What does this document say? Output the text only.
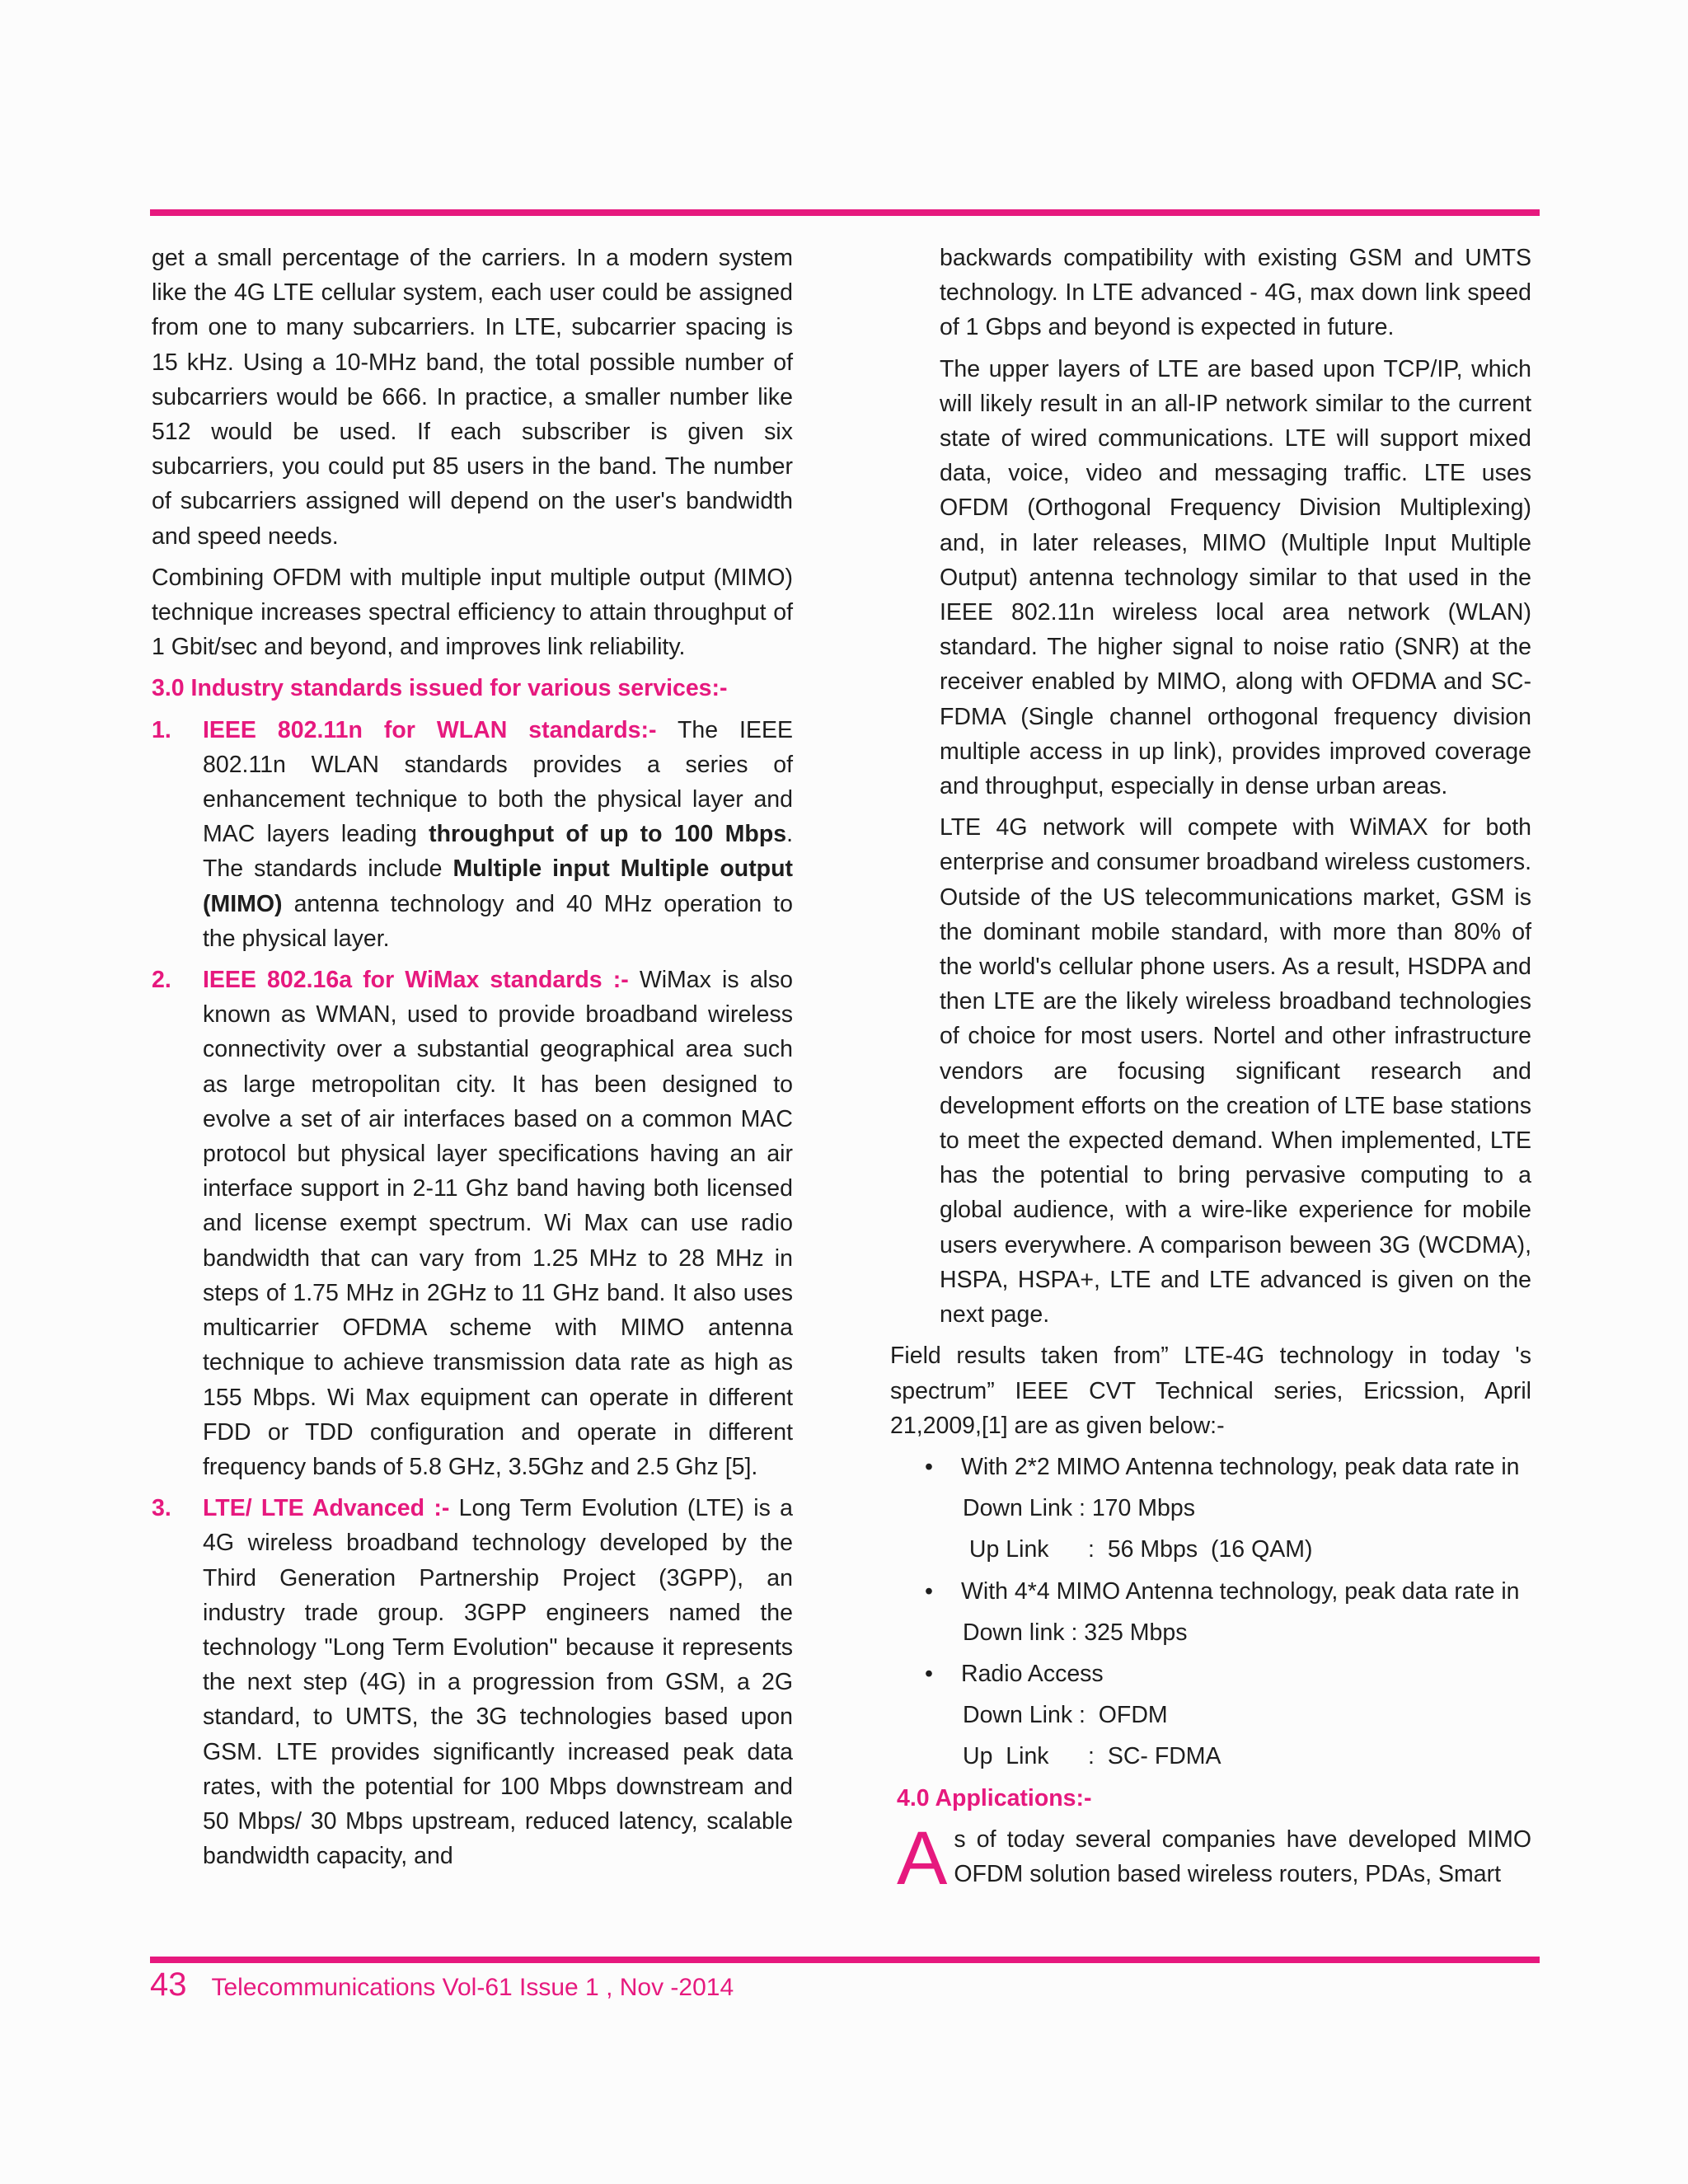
get a small percentage of the carriers. In a modern system like the 4G LTE cellular system, each user could be assigned from one to many subcarriers. In LTE, subcarrier spacing is 15 kHz. Using a 10-MHz band, the total possible number of subcarriers would be 666. In practice, a smaller number like 512 would be used. If each subscriber is given six subcarriers, you could put 85 users in the band. The number of subcarriers assigned will depend on the user's bandwidth and speed needs.

Combining OFDM with multiple input multiple output (MIMO) technique increases spectral efficiency to attain throughput of 1 Gbit/sec and beyond, and improves link reliability.

3.0 Industry standards issued for various services:-
1. IEEE 802.11n for WLAN standards:- The IEEE 802.11n WLAN standards provides a series of enhancement technique to both the physical layer and MAC layers leading throughput of up to 100 Mbps. The standards include Multiple input Multiple output (MIMO) antenna technology and 40 MHz operation to the physical layer.
2. IEEE 802.16a for WiMax standards :- WiMax is also known as WMAN, used to provide broadband wireless connectivity over a substantial geographical area such as large metropolitan city. It has been designed to evolve a set of air interfaces based on a common MAC protocol but physical layer specifications having an air interface support in 2-11 Ghz band having both licensed and license exempt spectrum. Wi Max can use radio bandwidth that can vary from 1.25 MHz to 28 MHz in steps of 1.75 MHz in 2GHz to 11 GHz band. It also uses multicarrier OFDMA scheme with MIMO antenna technique to achieve transmission data rate as high as 155 Mbps. Wi Max equipment can operate in different FDD or TDD configuration and operate in different frequency bands of 5.8 GHz, 3.5Ghz and 2.5 Ghz [5].
3. LTE/ LTE Advanced :- Long Term Evolution (LTE) is a 4G wireless broadband technology developed by the Third Generation Partnership Project (3GPP), an industry trade group. 3GPP engineers named the technology "Long Term Evolution" because it represents the next step (4G) in a progression from GSM, a 2G standard, to UMTS, the 3G technologies based upon GSM. LTE provides significantly increased peak data rates, with the potential for 100 Mbps downstream and 50 Mbps/ 30 Mbps upstream, reduced latency, scalable bandwidth capacity, and

backwards compatibility with existing GSM and UMTS technology. In LTE advanced - 4G, max down link speed of 1 Gbps and beyond is expected in future.

The upper layers of LTE are based upon TCP/IP, which will likely result in an all-IP network similar to the current state of wired communications. LTE will support mixed data, voice, video and messaging traffic. LTE uses OFDM (Orthogonal Frequency Division Multiplexing) and, in later releases, MIMO (Multiple Input Multiple Output) antenna technology similar to that used in the IEEE 802.11n wireless local area network (WLAN) standard. The higher signal to noise ratio (SNR) at the receiver enabled by MIMO, along with OFDMA and SC-FDMA (Single channel orthogonal frequency division multiple access in up link), provides improved coverage and throughput, especially in dense urban areas.

LTE 4G network will compete with WiMAX for both enterprise and consumer broadband wireless customers. Outside of the US telecommunications market, GSM is the dominant mobile standard, with more than 80% of the world's cellular phone users. As a result, HSDPA and then LTE are the likely wireless broadband technologies of choice for most users. Nortel and other infrastructure vendors are focusing significant research and development efforts on the creation of LTE base stations to meet the expected demand. When implemented, LTE has the potential to bring pervasive computing to a global audience, with a wire-like experience for mobile users everywhere. A comparison beween 3G (WCDMA), HSPA, HSPA+, LTE and LTE advanced is given on the next page.

Field results taken from” LTE-4G technology in today 's spectrum” IEEE CVT Technical series, Ericssion, April 21,2009,[1] are as given below:-

• With 2*2 MIMO Antenna technology, peak data rate in
Down Link : 170 Mbps
Up Link      :  56 Mbps  (16 QAM)
• With 4*4 MIMO Antenna technology, peak data rate in
Down link : 325 Mbps
• Radio Access
Down Link :  OFDM
Up  Link      :  SC- FDMA
4.0 Applications:-

As of today several companies have developed MIMO OFDM solution based wireless routers, PDAs, Smart

43 Telecommunications Vol-61 Issue 1 , Nov -2014
